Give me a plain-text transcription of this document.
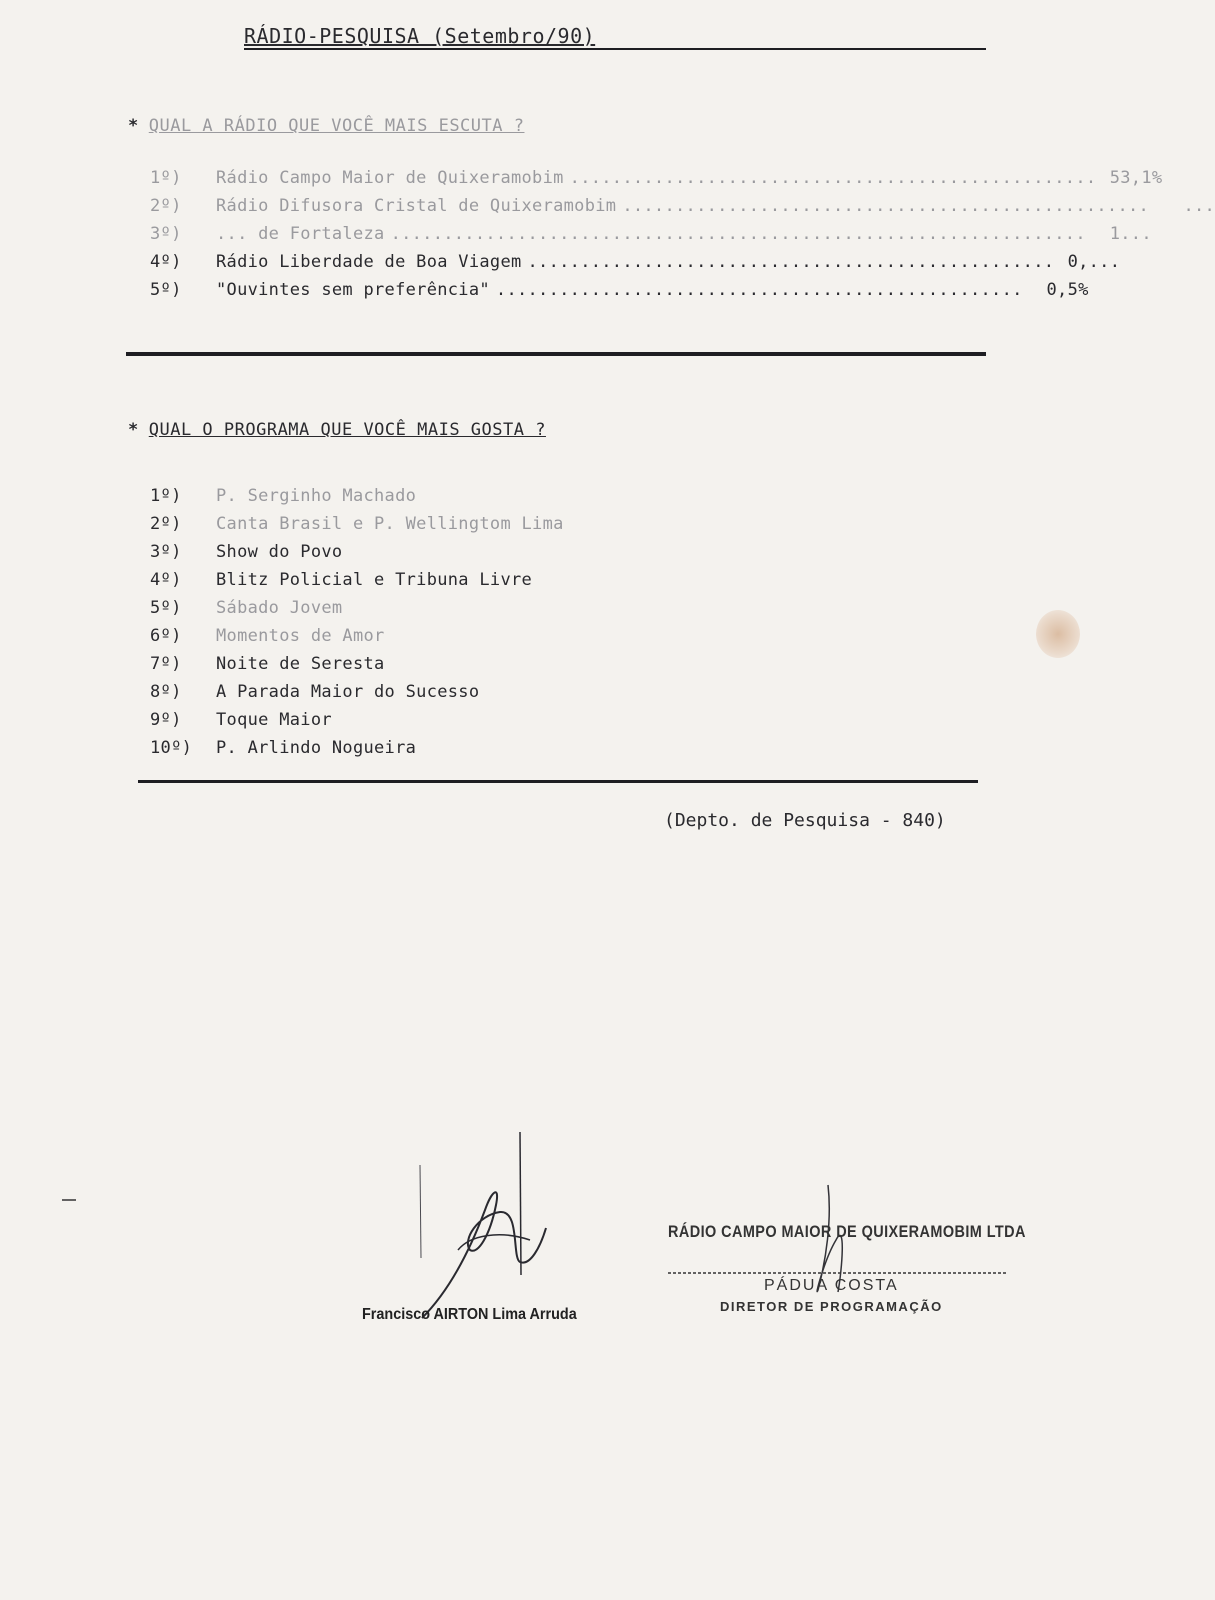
RÁDIO-PESQUISA (Setembro/90)
* QUAL A RÁDIO QUE VOCÊ MAIS ESCUTA ?
1º) Rádio Campo Maior de Quixeramobim .................................................. 53,1%
2º) Rádio Difusora Cristal de Quixeramobim ..................................................	...
3º) ... de Fortaleza ..................................................................	1...
4º) Rádio Liberdade de Boa Viagem .................................................. 0,...
5º) "Ouvintes sem preferência" ..................................................	0,5%
* QUAL O PROGRAMA QUE VOCÊ MAIS GOSTA ?
1º) P. Serginho Machado
2º) Canta Brasil e P. Wellingtom Lima
3º) Show do Povo
4º) Blitz Policial e Tribuna Livre
5º) Sábado Jovem
6º) Momentos de Amor
7º) Noite de Seresta
8º) A Parada Maior do Sucesso
9º) Toque Maior
10º) P. Arlindo Nogueira
(Depto. de Pesquisa - 840)
Francisco AIRTON Lima Arruda
RÁDIO CAMPO MAIOR DE QUIXERAMOBIM LTDA
PÁDUA COSTA
DIRETOR DE PROGRAMAÇÃO
